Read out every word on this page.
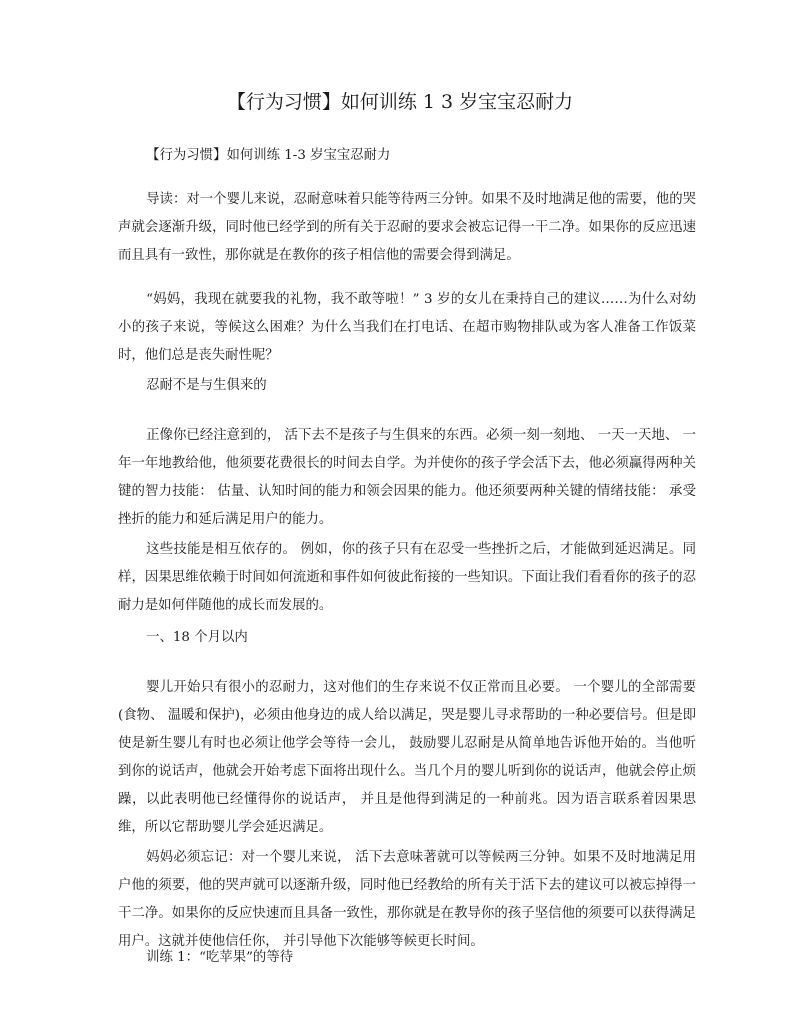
【行为习惯】如何训练 1 3 岁宝宝忍耐力

【行为习惯】如何训练 1-3 岁宝宝忍耐力

导读：对一个婴儿来说，忍耐意味着只能等待两三分钟。如果不及时地满足他的需要，他的哭声就会逐渐升级，同时他已经学到的所有关于忍耐的要求会被忘记得一干二净。如果你的反应迅速而且具有一致性，那你就是在教你的孩子相信他的需要会得到满足。

“妈妈，我现在就要我的礼物，我不敢等啦！” 3 岁的女儿在秉持自己的建议……为什么对幼小的孩子来说，等候这么困难？为什么当我们在打电话、在超市购物排队或为客人准备工作饭菜时，他们总是丧失耐性呢？

忍耐不是与生俱来的

正像你已经注意到的， 活下去不是孩子与生俱来的东西。必须一刻一刻地、 一天一天地、 一年一年地教给他，他须要花费很长的时间去自学。为并使你的孩子学会活下去，他必须赢得两种关键的智力技能： 估量、认知时间的能力和领会因果的能力。他还须要两种关键的情绪技能： 承受挫折的能力和延后满足用户的能力。

这些技能是相互依存的。 例如，你的孩子只有在忍受一些挫折之后，才能做到延迟满足。同样，因果思维依赖于时间如何流逝和事件如何彼此衔接的一些知识。下面让我们看看你的孩子的忍耐力是如何伴随他的成长而发展的。

一、18 个月以内

婴儿开始只有很小的忍耐力，这对他们的生存来说不仅正常而且必要。 一个婴儿的全部需要(食物、 温暖和保护)，必须由他身边的成人给以满足，哭是婴儿寻求帮助的一种必要信号。但是即使是新生婴儿有时也必须让他学会等待一会儿， 鼓励婴儿忍耐是从简单地告诉他开始的。当他听到你的说话声，他就会开始考虑下面将出现什么。当几个月的婴儿听到你的说话声，他就会停止烦躁，以此表明他已经懂得你的说话声， 并且是他得到满足的一种前兆。因为语言联系着因果思维，所以它帮助婴儿学会延迟满足。

妈妈必须忘记：对一个婴儿来说， 活下去意味著就可以等候两三分钟。如果不及时地满足用户他的须要，他的哭声就可以逐渐升级，同时他已经教给的所有关于活下去的建议可以被忘掉得一干二净。如果你的反应快速而且具备一致性，那你就是在教导你的孩子坚信他的须要可以获得满足用户。这就并使他信任你， 并引导他下次能够等候更长时间。

训练 1：“吃苹果”的等待
